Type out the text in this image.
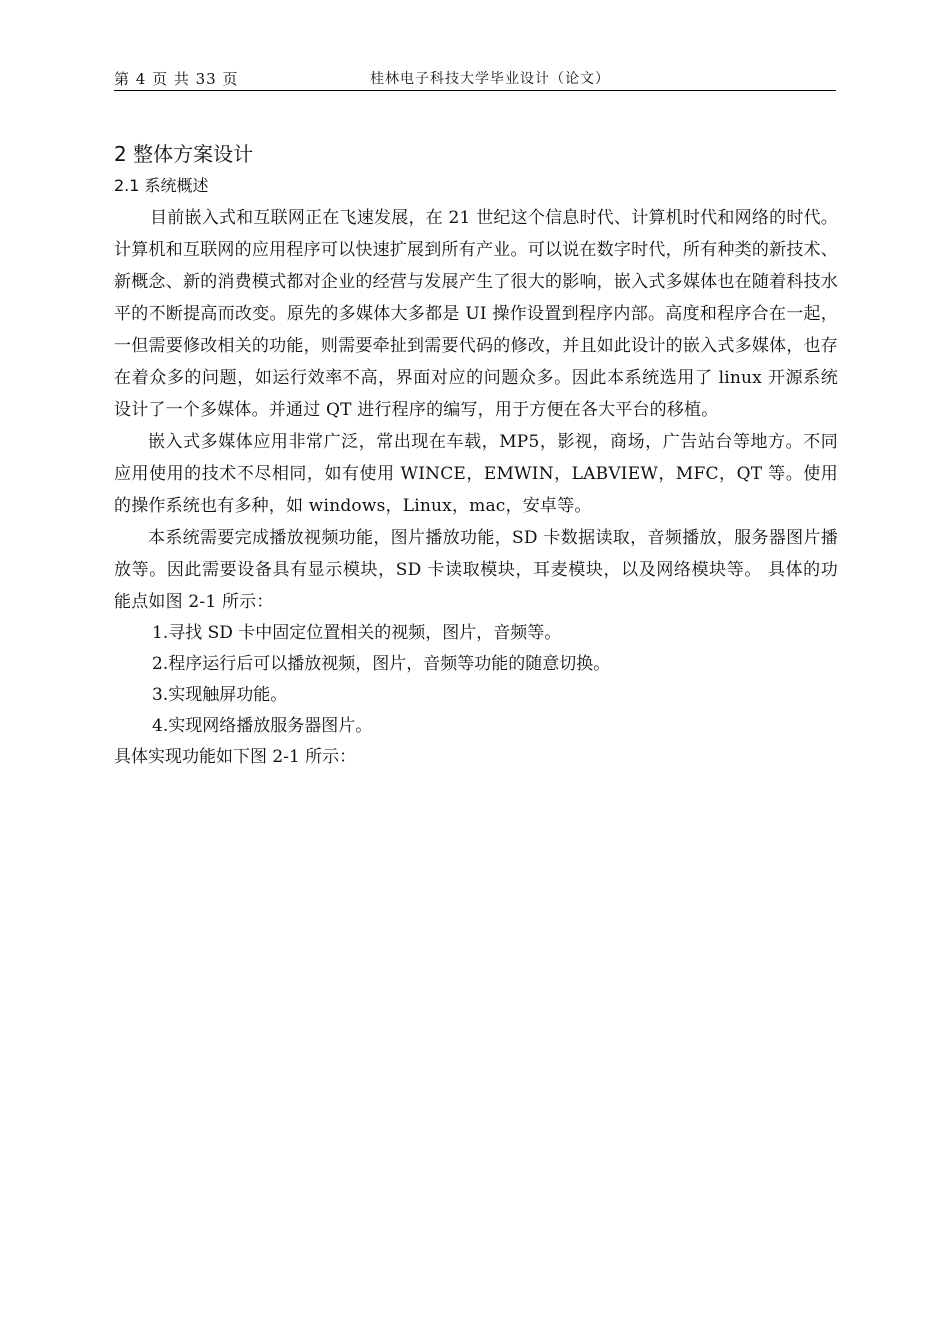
第 4 页 共 33 页	桂林电子科技大学毕业设计（论文）
2 整体方案设计
2.1 系统概述

目前嵌入式和互联网正在飞速发展，在 21 世纪这个信息时代、计算机时代和网络的时代。计算机和互联网的应用程序可以快速扩展到所有产业。可以说在数字时代，所有种类的新技术、新概念、新的消费模式都对企业的经营与发展产生了很大的影响，嵌入式多媒体也在随着科技水平的不断提高而改变。原先的多媒体大多都是 UI 操作设置到程序内部。高度和程序合在一起，一但需要修改相关的功能，则需要牵扯到需要代码的修改，并且如此设计的嵌入式多媒体，也存在着众多的问题，如运行效率不高，界面对应的问题众多。因此本系统选用了 linux 开源系统设计了一个多媒体。并通过 QT 进行程序的编写，用于方便在各大平台的移植。

嵌入式多媒体应用非常广泛，常出现在车载，MP5，影视，商场，广告站台等地方。不同应用使用的技术不尽相同，如有使用 WINCE，EMWIN，LABVIEW，MFC，QT 等。使用的操作系统也有多种，如 windows，Linux，mac，安卓等。

本系统需要完成播放视频功能，图片播放功能，SD 卡数据读取，音频播放，服务器图片播放等。因此需要设备具有显示模块，SD 卡读取模块，耳麦模块，以及网络模块等。 具体的功能点如图 2-1 所示：

1.寻找 SD 卡中固定位置相关的视频，图片，音频等。

2.程序运行后可以播放视频，图片，音频等功能的随意切换。

3.实现触屏功能。

4.实现网络播放服务器图片。

具体实现功能如下图 2-1 所示：
